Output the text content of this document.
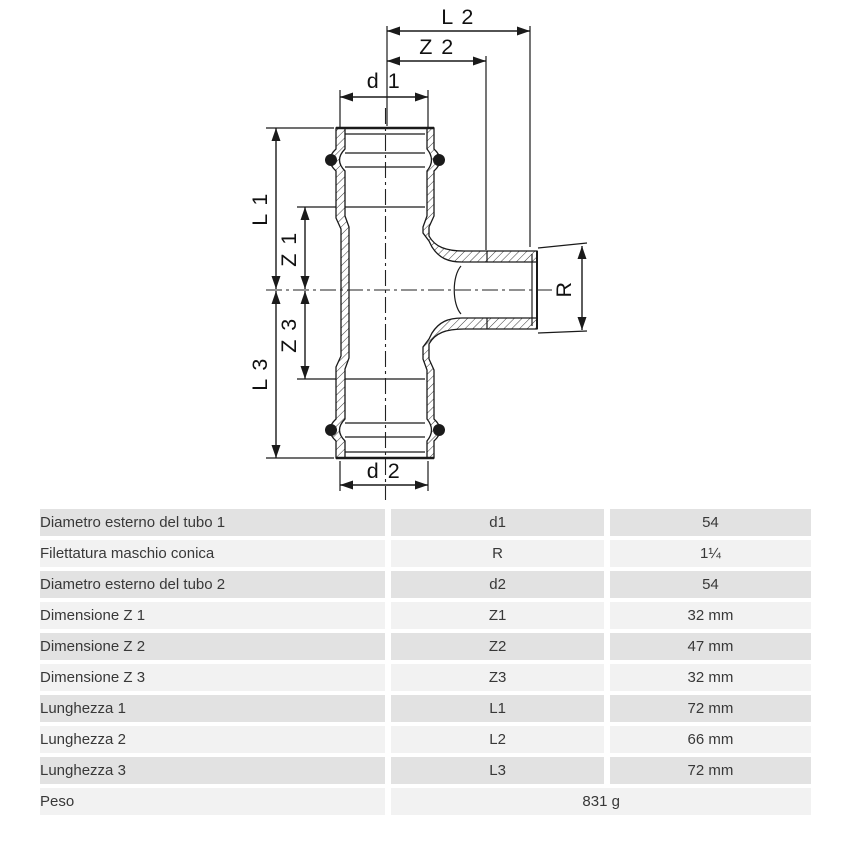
L 2
Z 2
d 1
d 2
L 1
L 3
Z 1
Z 3
R
Diametro esterno del tubo 1	d1	54
Filettatura maschio conica	R	1¼
Diametro esterno del tubo 2	d2	54
Dimensione Z 1	Z1	32 mm
Dimensione Z 2	Z2	47 mm
Dimensione Z 3	Z3	32 mm
Lunghezza 1	L1	72 mm
Lunghezza 2	L2	66 mm
Lunghezza 3	L3	72 mm
Peso	831 g	
